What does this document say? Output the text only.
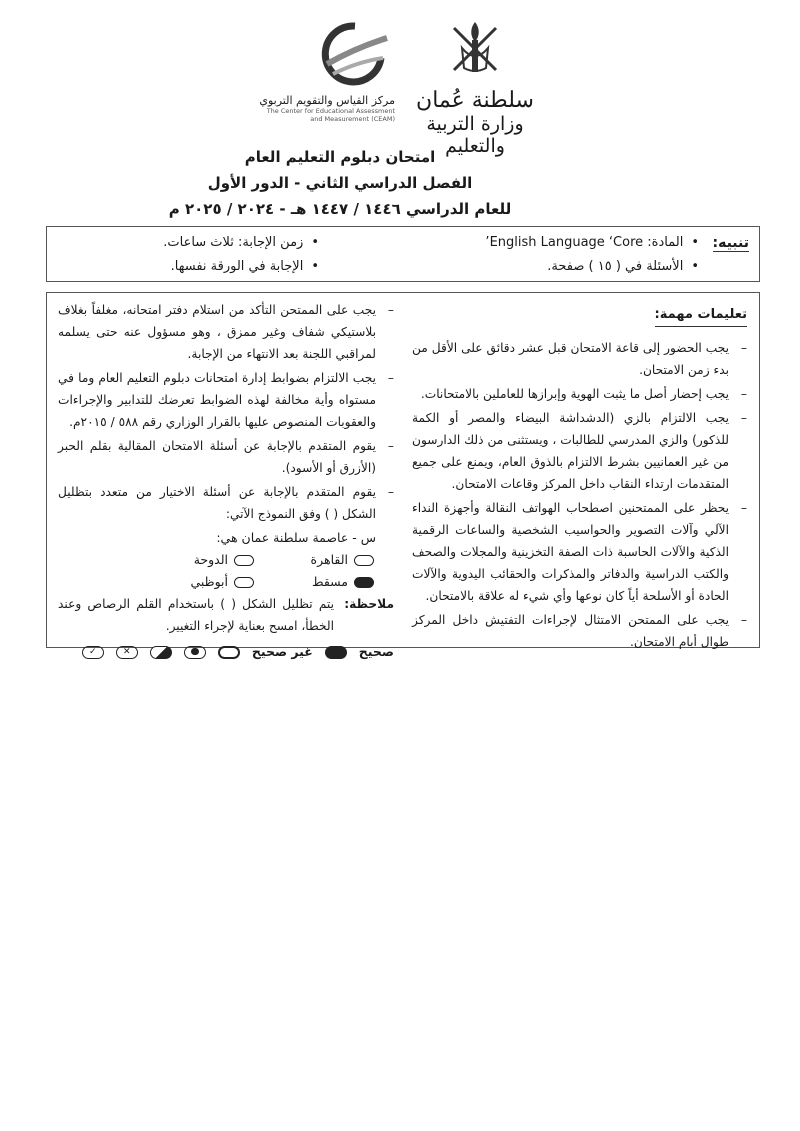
سلطنة عُمان
وزارة التربية والتعليم
مركز القياس والتقويم التربوي
The Center for Educational Assessment
and Measurement (CEAM)
امتحان دبلوم التعليم العام
الفصل الدراسي الثاني - الدور الأول
للعام الدراسي ١٤٤٦ / ١٤٤٧ هـ - ٢٠٢٤ / ٢٠٢٥ م
تنبيه:
• المادة: English Language ‘Core’
• الأسئلة في ( ١٥ ) صفحة.
• زمن الإجابة: ثلاث ساعات.
• الإجابة في الورقة نفسها.
تعليمات مهمة:
– يجب الحضور إلى قاعة الامتحان قبل عشر دقائق على الأقل من بدء زمن الامتحان.
– يجب إحضار أصل ما يثبت الهوية وإبرازها للعاملين بالامتحانات.
– يجب الالتزام بالزي (الدشداشة البيضاء والمصر أو الكمة للذكور) والزي المدرسي للطالبات ، ويستثنى من ذلك الدارسون من غير العمانيين بشرط الالتزام بالذوق العام، ويمنع على جميع المتقدمات ارتداء النقاب داخل المركز وقاعات الامتحان.
– يحظر على الممتحنين اصطحاب الهواتف النقالة وأجهزة النداء الآلي وآلات التصوير والحواسيب الشخصية والساعات الرقمية الذكية والآلات الحاسبة ذات الصفة التخزينية والمجلات والصحف والكتب الدراسية والدفاتر والمذكرات والحقائب اليدوية والآلات الحادة أو الأسلحة أياً كان نوعها وأي شيء له علاقة بالامتحان.
– يجب على الممتحن الامتثال لإجراءات التفتيش داخل المركز طوال أيام الامتحان.
– يجب على الممتحن التأكد من استلام دفتر امتحانه، مغلفاً بغلاف بلاستيكي شفاف وغير ممزق ، وهو مسؤول عنه حتى يسلمه لمراقبي اللجنة بعد الانتهاء من الإجابة.
– يجب الالتزام بضوابط إدارة امتحانات دبلوم التعليم العام وما في مستواه وأية مخالفة لهذه الضوابط تعرضك للتدابير والإجراءات والعقوبات المنصوص عليها بالقرار الوزاري رقم ٥٨٨ / ٢٠١٥م.
– يقوم المتقدم بالإجابة عن أسئلة الامتحان المقالية بقلم الحبر (الأزرق أو الأسود).
– يقوم المتقدم بالإجابة عن أسئلة الاختيار من متعدد بتظليل الشكل ( ) وفق النموذج الآتي:
س - عاصمة سلطنة عمان هي:
القاهرة
الدوحة
مسقط
أبوظبي
ملاحظة:
يتم تظليل الشكل ( ) باستخدام القلم الرصاص وعند الخطأ، امسح بعناية لإجراء التغيير.
صحيح
غير صحيح
✕
✓
